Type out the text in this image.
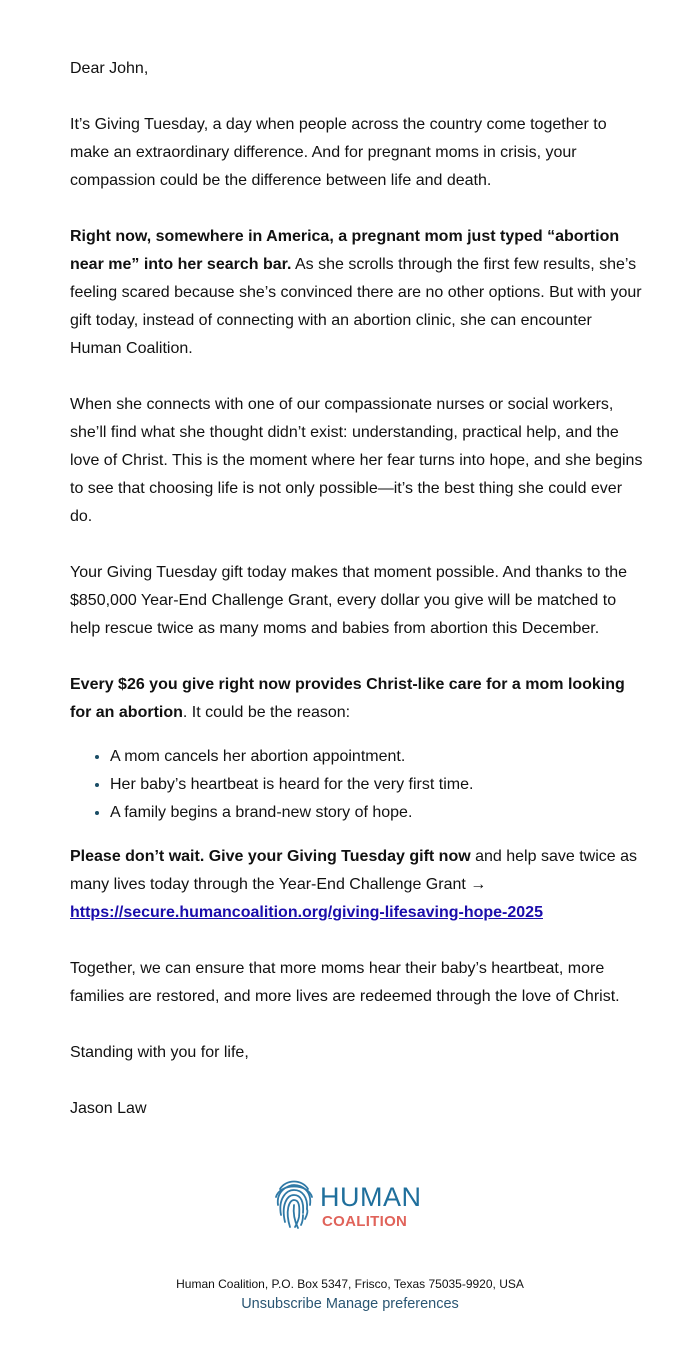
Dear John,

It’s Giving Tuesday, a day when people across the country come together to make an extraordinary difference. And for pregnant moms in crisis, your compassion could be the difference between life and death.

Right now, somewhere in America, a pregnant mom just typed “abortion near me” into her search bar. As she scrolls through the first few results, she’s feeling scared because she’s convinced there are no other options. But with your gift today, instead of connecting with an abortion clinic, she can encounter Human Coalition.

When she connects with one of our compassionate nurses or social workers, she’ll find what she thought didn’t exist: understanding, practical help, and the love of Christ. This is the moment where her fear turns into hope, and she begins to see that choosing life is not only possible—it’s the best thing she could ever do.

Your Giving Tuesday gift today makes that moment possible. And thanks to the $850,000 Year-End Challenge Grant, every dollar you give will be matched to help rescue twice as many moms and babies from abortion this December.

Every $26 you give right now provides Christ-like care for a mom looking for an abortion. It could be the reason:

• A mom cancels her abortion appointment.
• Her baby’s heartbeat is heard for the very first time.
• A family begins a brand-new story of hope.

Please don’t wait. Give your Giving Tuesday gift now and help save twice as many lives today through the Year-End Challenge Grant →
https://secure.humancoalition.org/giving-lifesaving-hope-2025

Together, we can ensure that more moms hear their baby’s heartbeat, more families are restored, and more lives are redeemed through the love of Christ.

Standing with you for life,

Jason Law

HUMAN
COALITION
Human Coalition, P.O. Box 5347, Frisco, Texas 75035-9920, USA
Unsubscribe Manage preferences
